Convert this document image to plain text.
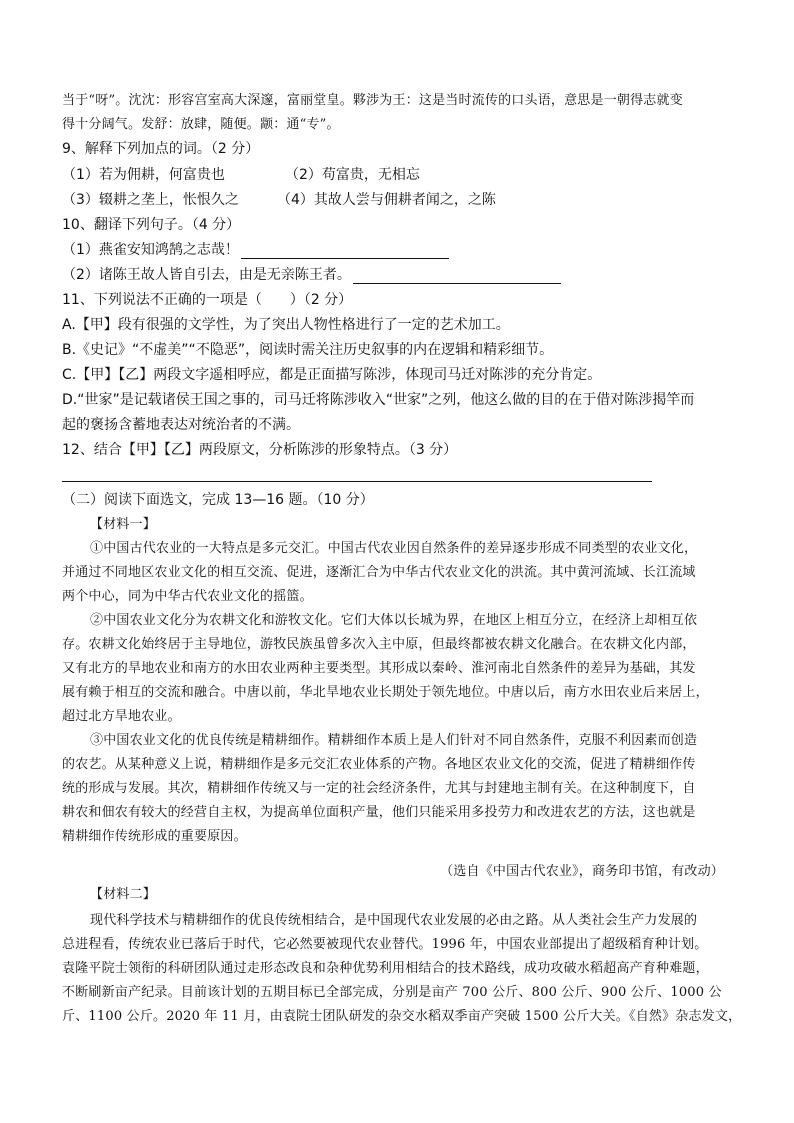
当于“呀”。沈沈：形容宫室高大深邃，富丽堂皇。夥涉为王：这是当时流传的口头语，意思是一朝得志就变
得十分阔气。发舒：放肆，随便。颛：通“专”。
9、解释下列加点的词。（2 分）
（1）若为佣耕，何富贵也	（2）苟富贵，无相忘
（3）辍耕之垄上，怅恨久之	（4）其故人尝与佣耕者闻之，之陈
10、翻译下列句子。（4 分）
（1）燕雀安知鸿鹄之志哉！
（2）诸陈王故人皆自引去，由是无亲陈王者。
11、下列说法不正确的一项是（　　）（2 分）
A.【甲】段有很强的文学性，为了突出人物性格进行了一定的艺术加工。
B.《史记》“不虚美”“不隐恶”，阅读时需关注历史叙事的内在逻辑和精彩细节。
C.【甲】【乙】两段文字遥相呼应，都是正面描写陈涉，体现司马迁对陈涉的充分肯定。
D.“世家”是记载诸侯王国之事的，司马迁将陈涉收入“世家”之列，他这么做的目的在于借对陈涉揭竿而
起的褒扬含蓄地表达对统治者的不满。
12、结合【甲】【乙】两段原文，分析陈涉的形象特点。（3 分）
（二）阅读下面选文，完成 13—16 题。（10 分）
【材料一】
①中国古代农业的一大特点是多元交汇。中国古代农业因自然条件的差异逐步形成不同类型的农业文化，
并通过不同地区农业文化的相互交流、促进，逐渐汇合为中华古代农业文化的洪流。其中黄河流域、长江流域
两个中心，同为中华古代农业文化的摇篮。
②中国农业文化分为农耕文化和游牧文化。它们大体以长城为界，在地区上相互分立，在经济上却相互依
存。农耕文化始终居于主导地位，游牧民族虽曾多次入主中原，但最终都被农耕文化融合。在农耕文化内部，
又有北方的旱地农业和南方的水田农业两种主要类型。其形成以秦岭、淮河南北自然条件的差异为基础，其发
展有赖于相互的交流和融合。中唐以前，华北旱地农业长期处于领先地位。中唐以后，南方水田农业后来居上，
超过北方旱地农业。
③中国农业文化的优良传统是精耕细作。精耕细作本质上是人们针对不同自然条件，克服不利因素而创造
的农艺。从某种意义上说，精耕细作是多元交汇农业体系的产物。各地区农业文化的交流，促进了精耕细作传
统的形成与发展。其次，精耕细作传统又与一定的社会经济条件，尤其与封建地主制有关。在这种制度下，自
耕农和佃农有较大的经营自主权，为提高单位面积产量，他们只能采用多投劳力和改进农艺的方法，这也就是
精耕细作传统形成的重要原因。
（选自《中国古代农业》，商务印书馆，有改动）
【材料二】
现代科学技术与精耕细作的优良传统相结合，是中国现代农业发展的必由之路。从人类社会生产力发展的
总进程看，传统农业已落后于时代，它必然要被现代农业替代。1996 年，中国农业部提出了超级稻育种计划。
袁隆平院士领衔的科研团队通过走形态改良和杂种优势利用相结合的技术路线，成功攻破水稻超高产育种难题，
不断刷新亩产纪录。目前该计划的五期目标已全部完成，分别是亩产 700 公斤、800 公斤、900 公斤、1000 公
斤、1100 公斤。2020 年 11 月，由袁院士团队研发的杂交水稻双季亩产突破 1500 公斤大关。《自然》杂志发文，
